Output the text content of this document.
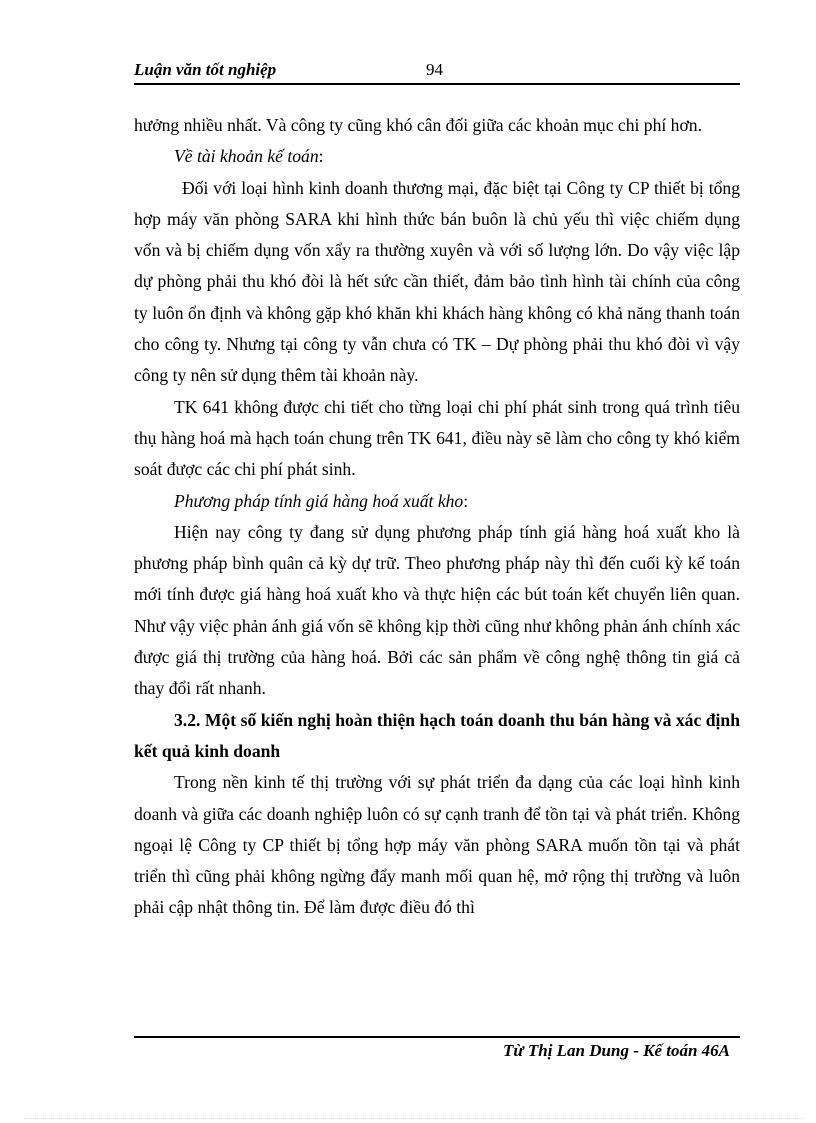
Luận văn tốt nghiệp	94

hưởng nhiều nhất. Và công ty cũng khó cân đối giữa các khoản mục chi phí hơn.

Về tài khoản kế toán:

Đối với loại hình kinh doanh thương mại, đặc biệt tại Công ty CP thiết bị tổng hợp máy văn phòng SARA khi hình thức bán buôn là chủ yếu thì việc chiếm dụng vốn và bị chiếm dụng vốn xẩy ra thường xuyên và với số lượng lớn. Do vậy việc lập dự phòng phải thu khó đòi là hết sức cần thiết, đảm bảo tình hình tài chính của công ty luôn ổn định và không gặp khó khăn khi khách hàng không có khả năng thanh toán cho công ty. Nhưng tại công ty vẫn chưa có TK – Dự phòng phải thu khó đòi vì vậy công ty nên sử dụng thêm tài khoản này.

TK 641 không được chi tiết cho từng loại chi phí phát sinh trong quá trình tiêu thụ hàng hoá mà hạch toán chung trên TK 641, điều này sẽ làm cho công ty khó kiểm soát được các chi phí phát sinh.

Phương pháp tính giá hàng hoá xuất kho:

Hiện nay công ty đang sử dụng phương pháp tính giá hàng hoá xuất kho là phương pháp bình quân cả kỳ dự trữ. Theo phương pháp này thì đến cuối kỳ kế toán mới tính được giá hàng hoá xuất kho và thực hiện các bút toán kết chuyển liên quan. Như vậy việc phản ánh giá vốn sẽ không kịp thời cũng như không phản ánh chính xác được giá thị trường của hàng hoá. Bởi các sản phẩm về công nghệ thông tin giá cả thay đổi rất nhanh.

3.2. Một số kiến nghị hoàn thiện hạch toán doanh thu bán hàng và xác định kết quả kinh doanh

Trong nền kinh tế thị trường với sự phát triển đa dạng của các loại hình kinh doanh và giữa các doanh nghiệp luôn có sự cạnh tranh để tồn tại và phát triển. Không ngoại lệ Công ty CP thiết bị tổng hợp máy văn phòng SARA muốn tồn tại và phát triển thì cũng phải không ngừng đẩy manh mối quan hệ, mở rộng thị trường và luôn phải cập nhật thông tin. Để làm được điều đó thì

Từ Thị Lan Dung - Kế toán 46A
